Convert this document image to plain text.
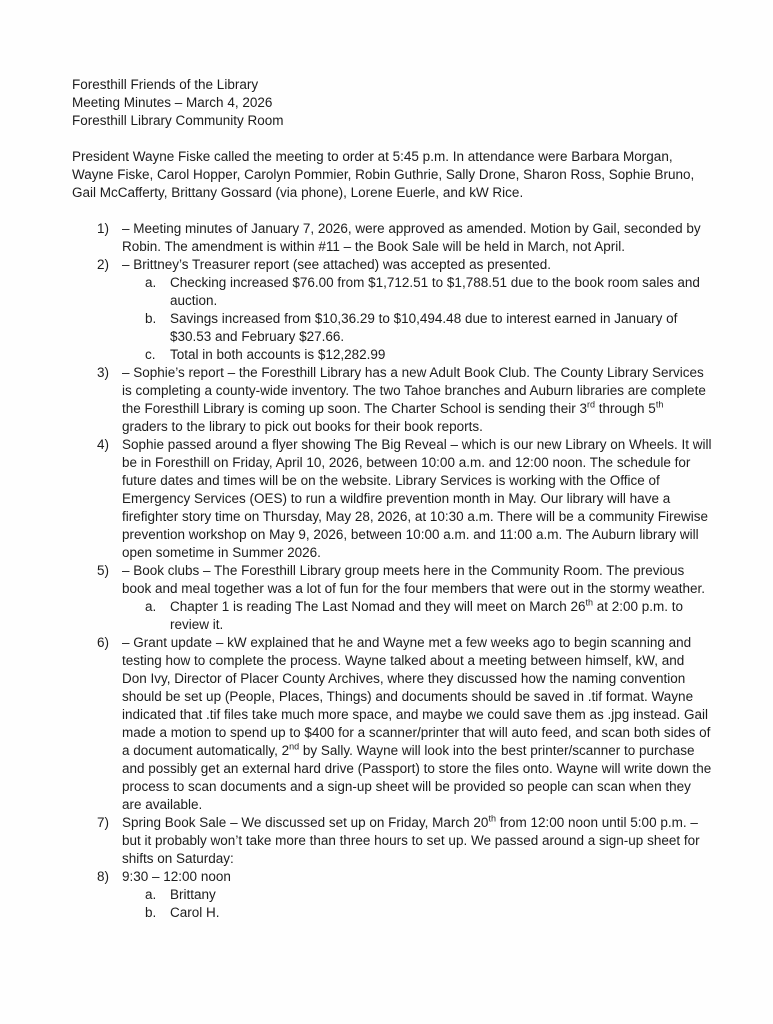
Foresthill Friends of the Library
Meeting Minutes – March 4, 2026
Foresthill Library Community Room
President Wayne Fiske called the meeting to order at 5:45 p.m. In attendance were Barbara Morgan, Wayne Fiske, Carol Hopper, Carolyn Pommier, Robin Guthrie, Sally Drone, Sharon Ross, Sophie Bruno, Gail McCafferty, Brittany Gossard (via phone), Lorene Euerle, and kW Rice.
1) – Meeting minutes of January 7, 2026, were approved as amended. Motion by Gail, seconded by Robin. The amendment is within #11 – the Book Sale will be held in March, not April.
2) – Brittney’s Treasurer report (see attached) was accepted as presented.
a.	Checking increased $76.00 from $1,712.51 to $1,788.51 due to the book room sales and auction.
b.	Savings increased from $10,36.29 to $10,494.48 due to interest earned in January of $30.53 and February $27.66.
c.	Total in both accounts is $12,282.99
3) – Sophie’s report – the Foresthill Library has a new Adult Book Club. The County Library Services is completing a county-wide inventory. The two Tahoe branches and Auburn libraries are complete the Foresthill Library is coming up soon. The Charter School is sending their 3rd through 5th graders to the library to pick out books for their book reports.
4) Sophie passed around a flyer showing The Big Reveal – which is our new Library on Wheels. It will be in Foresthill on Friday, April 10, 2026, between 10:00 a.m. and 12:00 noon. The schedule for future dates and times will be on the website. Library Services is working with the Office of Emergency Services (OES) to run a wildfire prevention month in May. Our library will have a firefighter story time on Thursday, May 28, 2026, at 10:30 a.m. There will be a community Firewise prevention workshop on May 9, 2026, between 10:00 a.m. and 11:00 a.m. The Auburn library will open sometime in Summer 2026.
5) – Book clubs – The Foresthill Library group meets here in the Community Room. The previous book and meal together was a lot of fun for the four members that were out in the stormy weather.
a.	Chapter 1 is reading The Last Nomad and they will meet on March 26th at 2:00 p.m. to review it.
6) – Grant update – kW explained that he and Wayne met a few weeks ago to begin scanning and testing how to complete the process. Wayne talked about a meeting between himself, kW, and Don Ivy, Director of Placer County Archives, where they discussed how the naming convention should be set up (People, Places, Things) and documents should be saved in .tif format. Wayne indicated that .tif files take much more space, and maybe we could save them as .jpg instead. Gail made a motion to spend up to $400 for a scanner/printer that will auto feed, and scan both sides of a document automatically, 2nd by Sally. Wayne will look into the best printer/scanner to purchase and possibly get an external hard drive (Passport) to store the files onto. Wayne will write down the process to scan documents and a sign-up sheet will be provided so people can scan when they are available.
7) Spring Book Sale – We discussed set up on Friday, March 20th from 12:00 noon until 5:00 p.m. – but it probably won’t take more than three hours to set up. We passed around a sign-up sheet for shifts on Saturday:
8) 9:30 – 12:00 noon
a.	Brittany
b.	Carol H.
